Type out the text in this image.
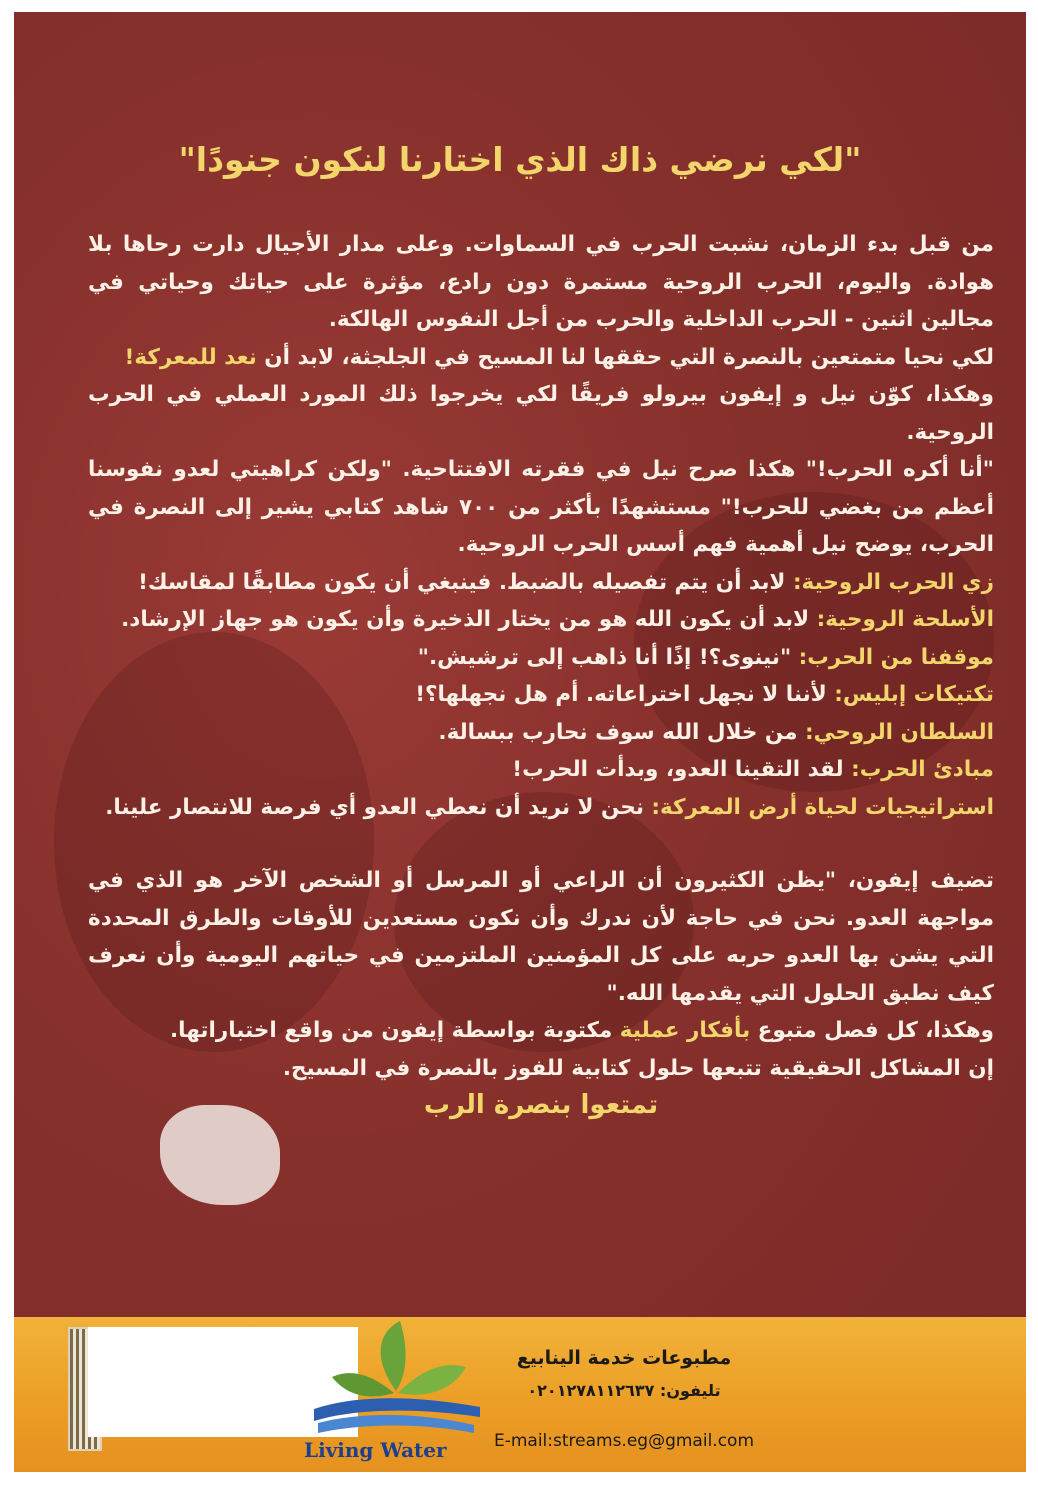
"لكي نرضي ذاك الذي اختارنا لنكون جنودًا"

من قبل بدء الزمان، نشبت الحرب في السماوات. وعلى مدار الأجيال دارت رحاها بلا هوادة. واليوم، الحرب الروحية مستمرة دون رادع، مؤثرة على حياتك وحياتي في مجالين اثنين - الحرب الداخلية والحرب من أجل النفوس الهالكة.

لكي نحيا متمتعين بالنصرة التي حققها لنا المسيح في الجلجثة، لابد أن نعد للمعركة!

وهكذا، كوّن نيل و إيفون بيرولو فريقًا لكي يخرجوا ذلك المورد العملي في الحرب الروحية.

"أنا أكره الحرب!" هكذا صرح نيل في فقرته الافتتاحية. "ولكن كراهيتي لعدو نفوسنا أعظم من بغضي للحرب!" مستشهدًا بأكثر من ٧٠٠ شاهد كتابي يشير إلى النصرة في الحرب، يوضح نيل أهمية فهم أسس الحرب الروحية.

زي الحرب الروحية: لابد أن يتم تفصيله بالضبط. فينبغي أن يكون مطابقًا لمقاسك!

الأسلحة الروحية: لابد أن يكون الله هو من يختار الذخيرة وأن يكون هو جهاز الإرشاد.

موقفنا من الحرب: "نينوى؟! إذًا أنا ذاهب إلى ترشيش."

تكتيكات إبليس: لأننا لا نجهل اختراعاته. أم هل نجهلها؟!

السلطان الروحي: من خلال الله سوف نحارب ببسالة.

مبادئ الحرب: لقد التقينا العدو، وبدأت الحرب!

استراتيجيات لحياة أرض المعركة: نحن لا نريد أن نعطي العدو أي فرصة للانتصار علينا.

تضيف إيفون، "يظن الكثيرون أن الراعي أو المرسل أو الشخص الآخر هو الذي في مواجهة العدو. نحن في حاجة لأن ندرك وأن نكون مستعدين للأوقات والطرق المحددة التي يشن بها العدو حربه على كل المؤمنين الملتزمين في حياتهم اليومية وأن نعرف كيف نطبق الحلول التي يقدمها الله."

وهكذا، كل فصل متبوع بأفكار عملية مكتوبة بواسطة إيفون من واقع اختباراتها.

إن المشاكل الحقيقية تتبعها حلول كتابية للفوز بالنصرة في المسيح.

تمتعوا بنصرة الرب

Living Water
مطبوعات خدمة الينابيع
تليفون: ٠٢٠١٢٧٨١١٢٦٣٧
E-mail:streams.eg@gmail.com
